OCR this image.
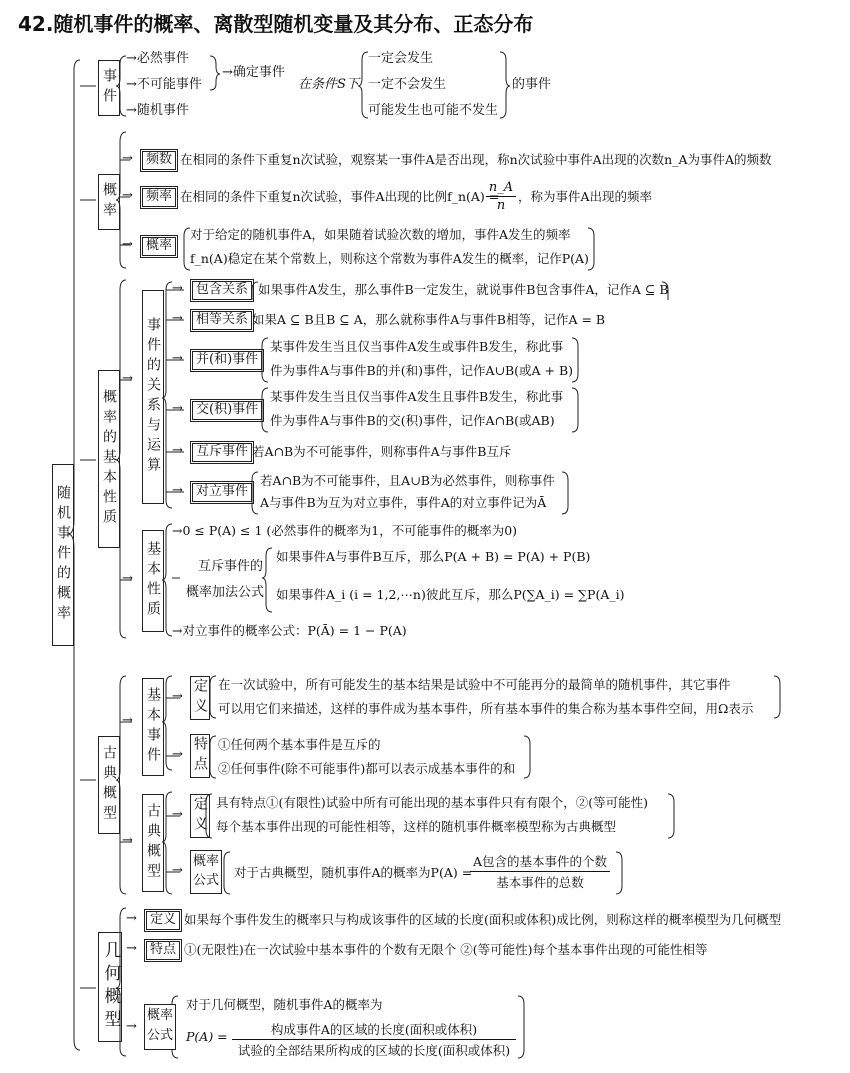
42.随机事件的概率、离散型随机变量及其分布、正态分布
随机事件的概率
事件
→必然事件
→不可能事件
→随机事件
→确定事件
在条件S下
一定会发生
一定不会发生
可能发生也可能不发生
的事件
概率
→	频数 在相同的条件下重复n次试验，观察某一事件A是否出现，称n次试验中事件A出现的次数n_A为事件A的频数
→	频率 在相同的条件下重复n次试验，事件A出现的比例f_n(A) =
n_A
n
，称为事件A出现的频率
→	概率
对于给定的随机事件A，如果随着试验次数的增加，事件A发生的频率
f_n(A)稳定在某个常数上，则称这个常数为事件A发生的概率，记作P(A)
概率的基本性质
→ 事件的关系与运算
→	包含关系 如果事件A发生，那么事件B一定发生，就说事件B包含事件A，记作A ⊆ B
→	相等关系 如果A ⊆ B且B ⊆ A，那么就称事件A与事件B相等，记作A = B
→	并(和)事件
某事件发生当且仅当事件A发生或事件B发生，称此事
件为事件A与事件B的并(和)事件，记作A∪B(或A + B)
→	交(积)事件
某事件发生当且仅当事件A发生且事件B发生，称此事
件为事件A与事件B的交(积)事件，记作A∩B(或AB)
→	互斥事件 若A∩B为不可能事件，则称事件A与事件B互斥
→	对立事件
若A∩B为不可能事件，且A∪B为必然事件，则称事件
A与事件B为互为对立事件，事件A的对立事件记为Ā
→ 基本性质
→0 ≤ P(A) ≤ 1 (必然事件的概率为1，不可能事件的概率为0)
互斥事件的
概率加法公式
如果事件A与事件B互斥，那么P(A + B) = P(A) + P(B)
如果事件A_i (i = 1,2,⋯n)彼此互斥，那么P(∑A_i) = ∑P(A_i)
→对立事件的概率公式：P(Ā) = 1 − P(A)
古典概型
→ 基本事件 → 定义 在一次试验中，所有可能发生的基本结果是试验中不可能再分的最简单的随机事件，其它事件
可以用它们来描述，这样的事件成为基本事件，所有基本事件的集合称为基本事件空间，用Ω表示
→ 特点 ①任何两个基本事件是互斥的
②任何事件(除不可能事件)都可以表示成基本事件的和
→ 古典概型 → 定义 具有特点①(有限性)试验中所有可能出现的基本事件只有有限个，②(等可能性)
每个基本事件出现的可能性相等，这样的随机事件概率模型称为古典概型
→
概率公式
对于古典概型，随机事件A的概率为P(A) =
A包含的基本事件的个数
基本事件的总数
几何概型
→	定义 如果每个事件发生的概率只与构成该事件的区域的长度(面积或体积)成比例，则称这样的概率模型为几何概型
→	特点 ①(无限性)在一次试验中基本事件的个数有无限个 ②(等可能性)每个基本事件出现的可能性相等
→
概率公式
对于几何概型，随机事件A的概率为
P(A) =	构成事件A的区域的长度(面积或体积)
试验的全部结果所构成的区域的长度(面积或体积)
